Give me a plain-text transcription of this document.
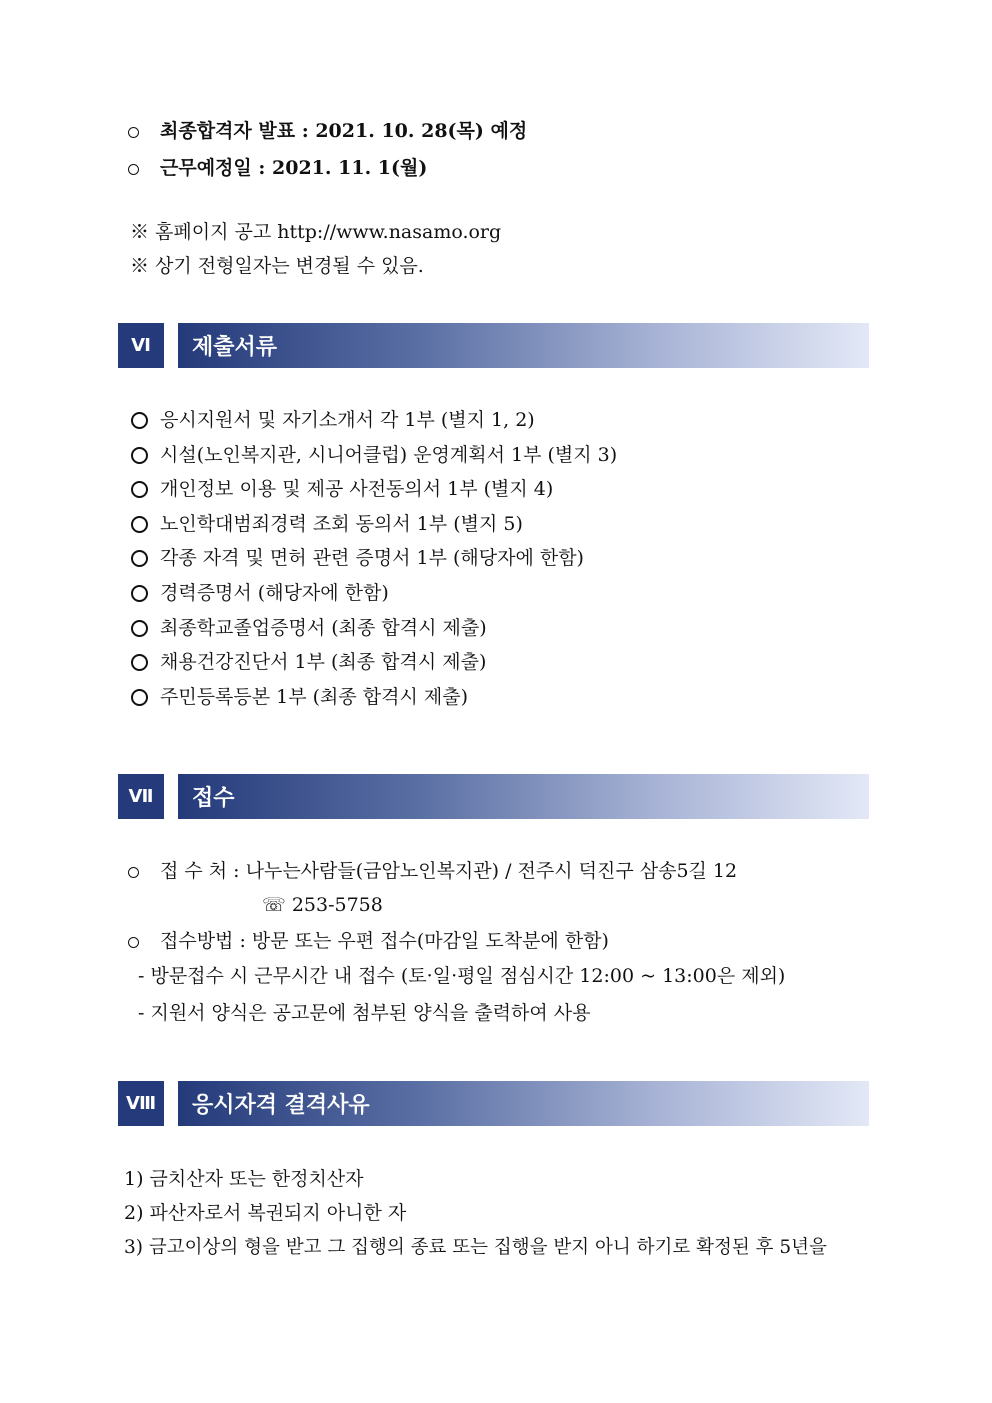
최종합격자 발표 : 2021. 10. 28(목) 예정
근무예정일 : 2021. 11. 1(월)
※ 홈페이지 공고 http://www.nasamo.org
※ 상기 전형일자는 변경될 수 있음.
Ⅵ	제출서류
응시지원서 및 자기소개서 각 1부 (별지 1, 2)
시설(노인복지관, 시니어클럽) 운영계획서 1부 (별지 3)
개인정보 이용 및 제공 사전동의서 1부 (별지 4)
노인학대범죄경력 조회 동의서 1부 (별지 5)
각종 자격 및 면허 관련 증명서 1부 (해당자에 한함)
경력증명서 (해당자에 한함)
최종학교졸업증명서 (최종 합격시 제출)
채용건강진단서 1부 (최종 합격시 제출)
주민등록등본 1부 (최종 합격시 제출)
Ⅶ	접수
접 수 처 : 나누는사람들(금암노인복지관) / 전주시 덕진구 삼송5길 12
☏ 253-5758
접수방법 : 방문 또는 우편 접수(마감일 도착분에 한함)
- 방문접수 시 근무시간 내 접수 (토·일·평일 점심시간 12:00 ~ 13:00은 제외)
- 지원서 양식은 공고문에 첨부된 양식을 출력하여 사용
Ⅷ	응시자격 결격사유
1) 금치산자 또는 한정치산자
2) 파산자로서 복권되지 아니한 자
3) 금고이상의 형을 받고 그 집행의 종료 또는 집행을 받지 아니 하기로 확정된 후 5년을
